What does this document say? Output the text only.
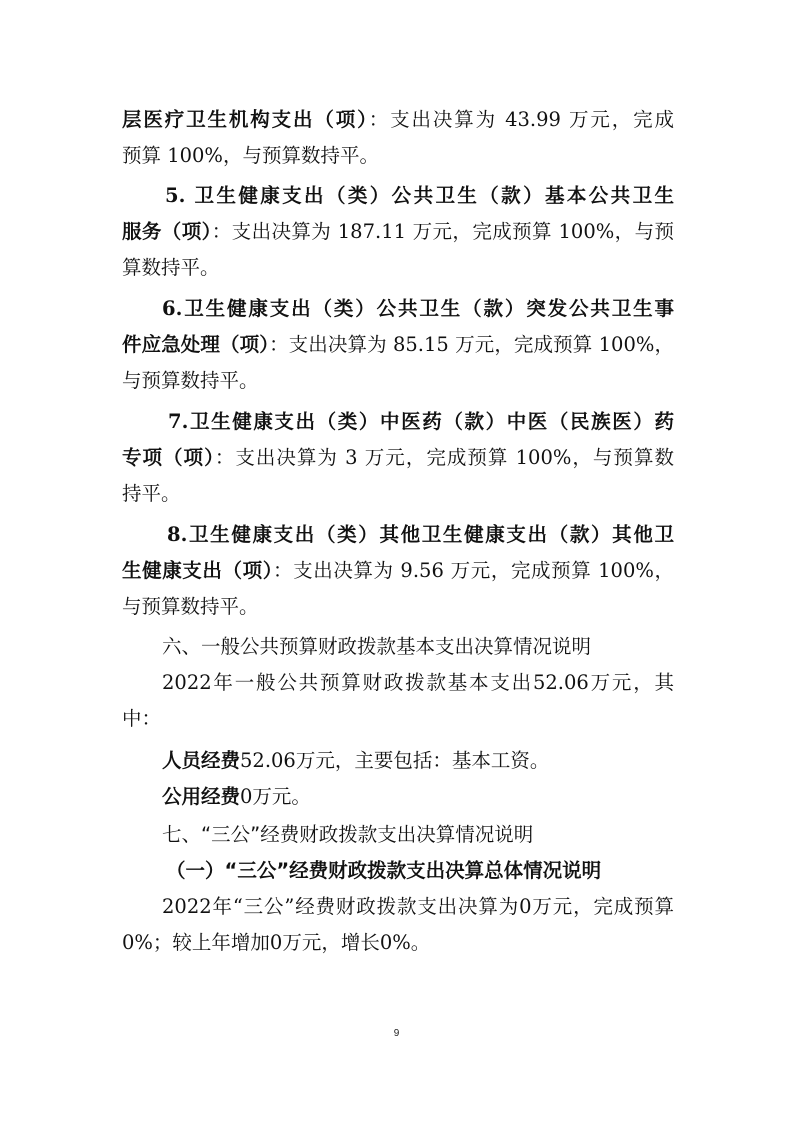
层医疗卫生机构支出（项）：支出决算为 43.99 万元，完成
预算 100%，与预算数持平。
5. 卫生健康支出（类）公共卫生（款）基本公共卫生
服务（项）：支出决算为 187.11 万元，完成预算 100%，与预
算数持平。
6.卫生健康支出（类）公共卫生（款）突发公共卫生事
件应急处理（项）：支出决算为 85.15 万元，完成预算 100%，
与预算数持平。
7.卫生健康支出（类）中医药（款）中医（民族医）药
专项（项）：支出决算为 3 万元，完成预算 100%，与预算数
持平。
8.卫生健康支出（类）其他卫生健康支出（款）其他卫
生健康支出（项）：支出决算为 9.56 万元，完成预算 100%，
与预算数持平。
六、一般公共预算财政拨款基本支出决算情况说明
2022年一般公共预算财政拨款基本支出52.06万元，其
中：
人员经费52.06万元，主要包括：基本工资。
公用经费0万元。
七、“三公”经费财政拨款支出决算情况说明
（一）“三公”经费财政拨款支出决算总体情况说明
2022年“三公”经费财政拨款支出决算为0万元，完成预算
0%；较上年增加0万元，增长0%。
9
